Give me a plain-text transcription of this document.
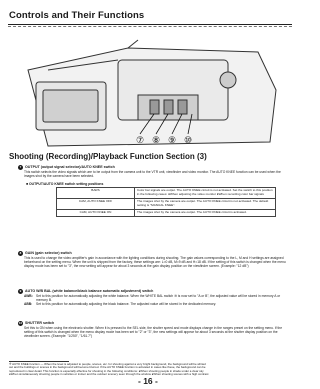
Controls and Their Functions
⑦ ⑧ ⑨ ⑩
Shooting (Recording)/Playback Function Section (3)
7	OUTPUT (output signal selector)/AUTO KNEE switch
This switch selects the video signals which are to be output from the camera unit to the VTR unit, viewfinder and video monitor. The AUTO KNEE function can be used when the images shot by the camera have been selected.
■ OUTPUT/AUTO KNEE switch setting positions
BARS	Color bar signals are output. The AUTO KNEE circuit is not activated. Set the switch to this position in the following cases: ●When adjusting the video monitor ●When recording color bar signals
CAM, AUTO KNEE OFF	The images shot by the camera are output. The AUTO KNEE circuit is not activated. The default setting is "MANUAL KNEE".
CAM, AUTO KNEE ON	The images shot by the camera are output. The AUTO KNEE circuit is activated.
8	GAIN (gain selector) switch
This is used to change the video amplifier's gain in accordance with the lighting conditions during shooting. The gain values corresponding to the L, M and H settings are assigned beforehand on the setting menu. When the unit is shipped from the factory, these settings are: L=0 dB, M=9 dB and H=18 dB. If the setting of this switch is changed when the menu display mode has been set to "3", the new setting will appear for about 3 seconds at the gain display position on the viewfinder screen. (Example: "12 dB")
9	AUTO W/B BAL (white balance/black balance automatic adjustment) switch
AWB: Set to this position for automatically adjusting the white balance. When the WHITE BAL switch ⑩ is now set to "A or B", the adjusted value will be stored in memory A or memory B.
ABB:	Set to this position for automatically adjusting the black balance. The adjusted value will be stored in the dedicated memory.
10 SHUTTER switch
Set this to ON when using the electronic shutter. When it is pressed to the SEL side, the shutter speed and mode displays change in the ranges preset on the setting menu. If the setting of this switch is changed when the menu display mode has been set to "2" or "3", the new settings will appear for about 3 seconds at the shutter display position on the viewfinder screen. (Example: "1/250", "1/61.7")
※ AUTO KNEE function — When the level is adjusted to people, scenes, etc. for shooting against a very bright background, the background will be whited out and the buildings or scenes in the background will become blurred. If the AUTO KNEE function is activated in cases like these, the background can be reproduced in clear detail. This function is especially effective for shooting in the following conditions: ●When shooting people in shade under a clear sky ●When simultaneously shooting people in vehicles or indoor and the outdoor scenery seen through the window ●When shooting scenes with a high contrast
- 16 -
